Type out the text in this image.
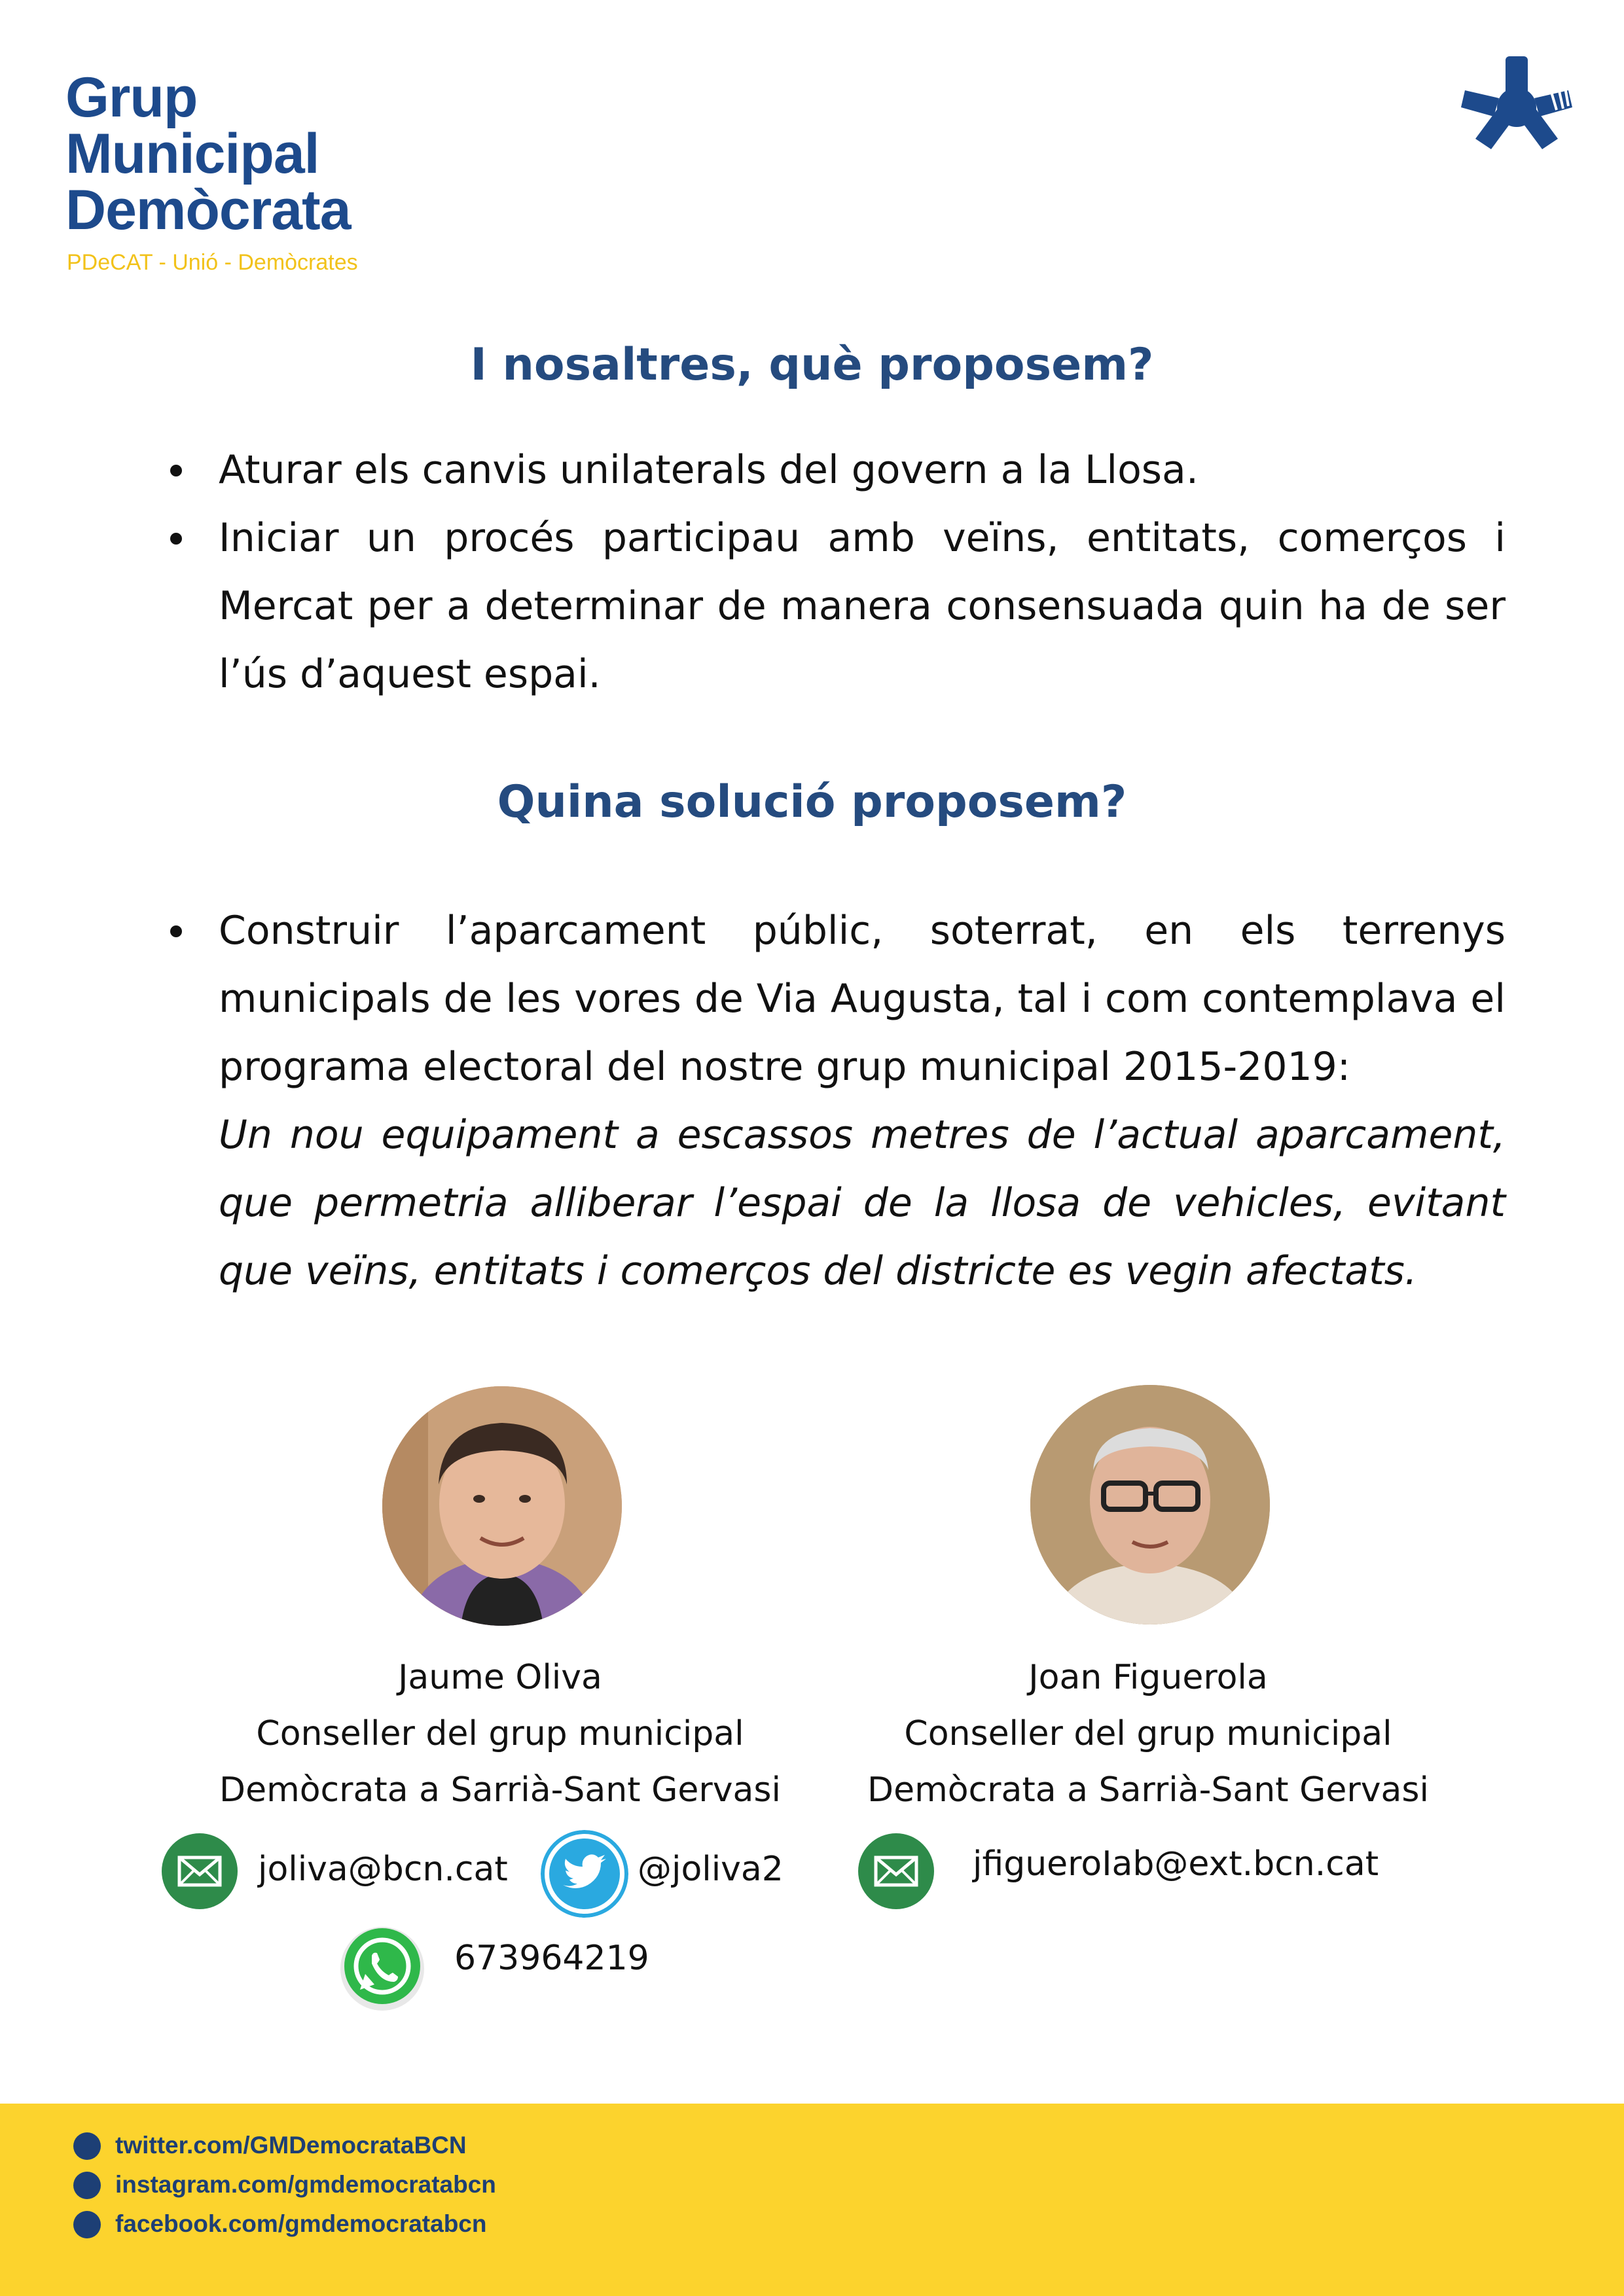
Grup
Municipal
Demòcrata
PDeCAT - Unió - Demòcrates
I nosaltres, què proposem?
Aturar els canvis unilaterals del govern a la Llosa.
Iniciar un procés participau amb veïns, entitats, comerços i Mercat per a determinar de manera consensuada quin ha de ser l’ús d’aquest espai.
Quina solució proposem?
Construir l’aparcament públic, soterrat, en els terrenys municipals de les vores de Via Augusta, tal i com contemplava el programa electoral del nostre grup municipal 2015-2019:
Un nou equipament a escassos metres de l’actual aparcament, que permetria alliberar l’espai de la llosa de vehicles, evitant que veïns, entitats i comerços del districte es vegin afectats.
Jaume Oliva
Conseller del grup municipal
Demòcrata a Sarrià-Sant Gervasi
Joan Figuerola
Conseller del grup municipal
Demòcrata a Sarrià-Sant Gervasi
joliva@bcn.cat	@joliva2
673964219
jfigueroIab@ext.bcn.cat
twitter.com/GMDemocrataBCN
instagram.com/gmdemocratabcn
facebook.com/gmdemocratabcn
